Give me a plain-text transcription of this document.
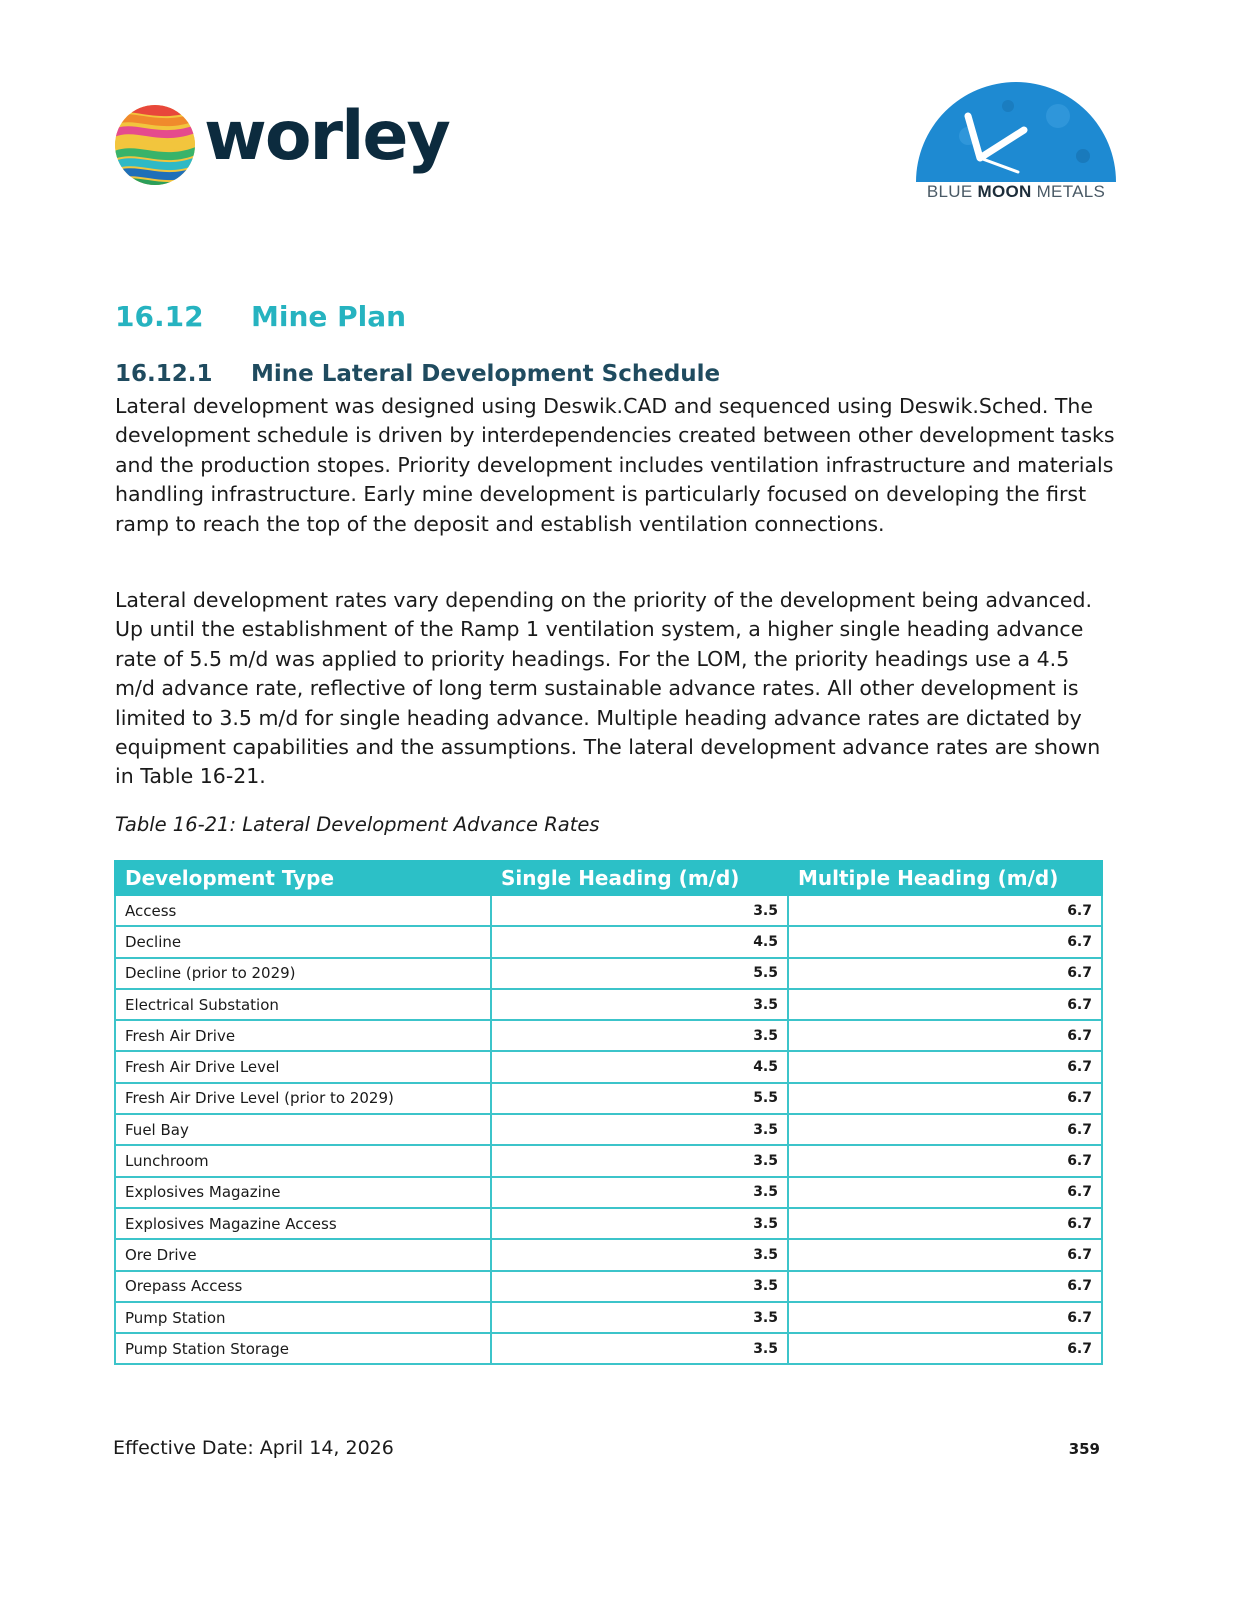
worley
BLUE MOON METALS
16.12 Mine Plan
16.12.1 Mine Lateral Development Schedule

Lateral development was designed using Deswik.CAD and sequenced using Deswik.Sched. The development schedule is driven by interdependencies created between other development tasks and the production stopes. Priority development includes ventilation infrastructure and materials handling infrastructure. Early mine development is particularly focused on developing the first ramp to reach the top of the deposit and establish ventilation connections.

Lateral development rates vary depending on the priority of the development being advanced. Up until the establishment of the Ramp 1 ventilation system, a higher single heading advance rate of 5.5 m/d was applied to priority headings. For the LOM, the priority headings use a 4.5 m/d advance rate, reflective of long term sustainable advance rates. All other development is limited to 3.5 m/d for single heading advance. Multiple heading advance rates are dictated by equipment capabilities and the assumptions. The lateral development advance rates are shown in Table 16-21.

Table 16-21: Lateral Development Advance Rates

Development Type	Single Heading (m/d)	Multiple Heading (m/d)
Access	3.5	6.7
Decline	4.5	6.7
Decline (prior to 2029)	5.5	6.7
Electrical Substation	3.5	6.7
Fresh Air Drive	3.5	6.7
Fresh Air Drive Level	4.5	6.7
Fresh Air Drive Level (prior to 2029)	5.5	6.7
Fuel Bay	3.5	6.7
Lunchroom	3.5	6.7
Explosives Magazine	3.5	6.7
Explosives Magazine Access	3.5	6.7
Ore Drive	3.5	6.7
Orepass Access	3.5	6.7
Pump Station	3.5	6.7
Pump Station Storage	3.5	6.7
Effective Date: April 14, 2026	359
